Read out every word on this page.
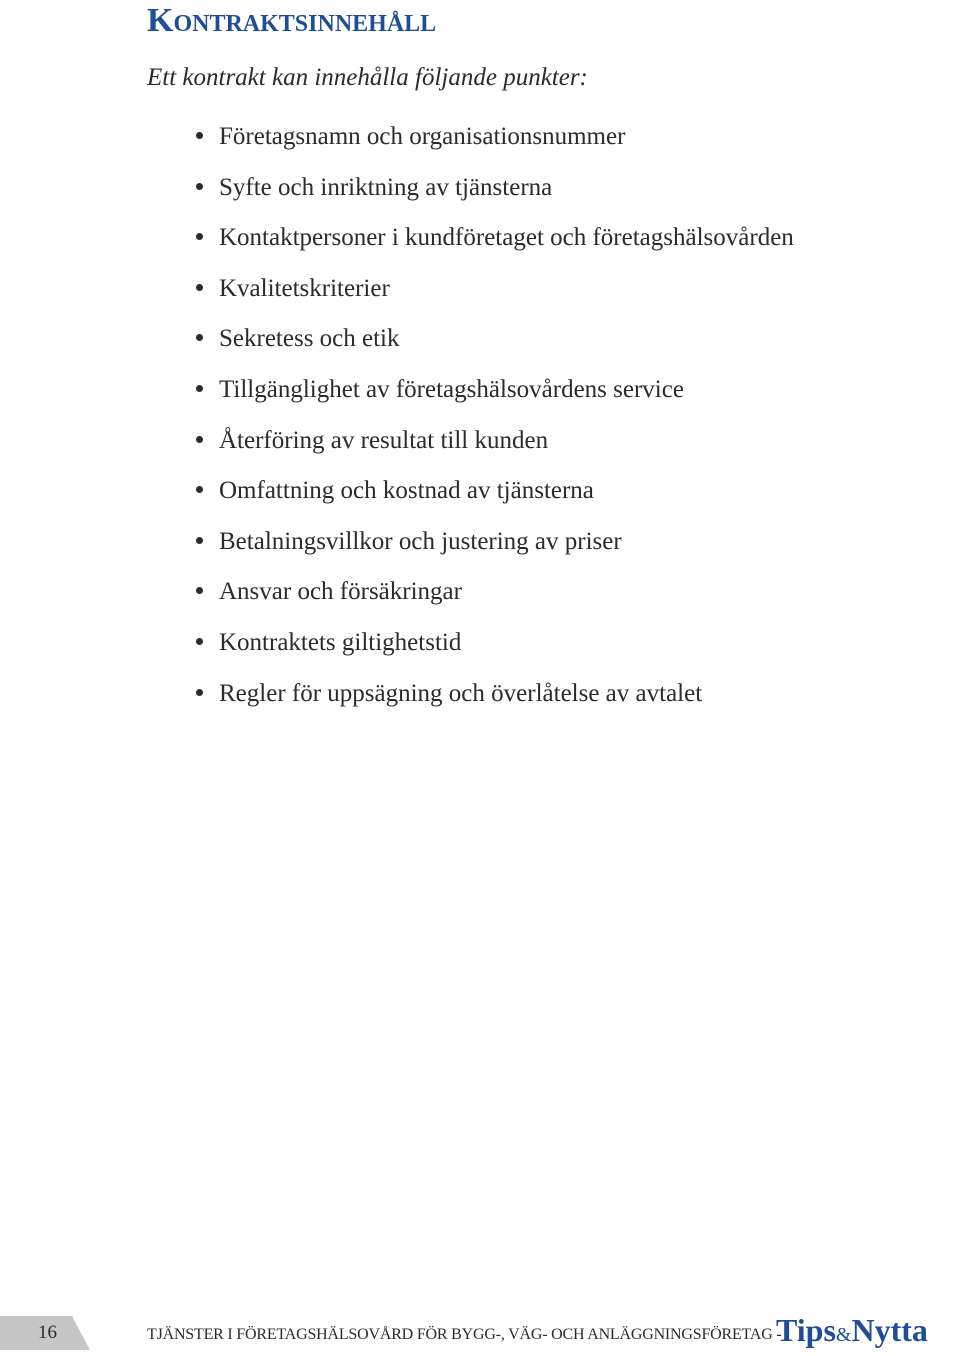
Kontraktsinnehåll

Ett kontrakt kan innehålla följande punkter:

Företagsnamn och organisationsnummer
Syfte och inriktning av tjänsterna
Kontaktpersoner i kundföretaget och företagshälsovården
Kvalitetskriterier
Sekretess och etik
Tillgänglighet av företagshälsovårdens service
Återföring av resultat till kunden
Omfattning och kostnad av tjänsterna
Betalningsvillkor och justering av priser
Ansvar och försäkringar
Kontraktets giltighetstid
Regler för uppsägning och överlåtelse av avtalet
16	TJÄNSTER I FÖRETAGSHÄLSOVÅRD FÖR BYGG-, VÄG- OCH ANLÄGGNINGSFÖRETAG -
Tips&Nytta
